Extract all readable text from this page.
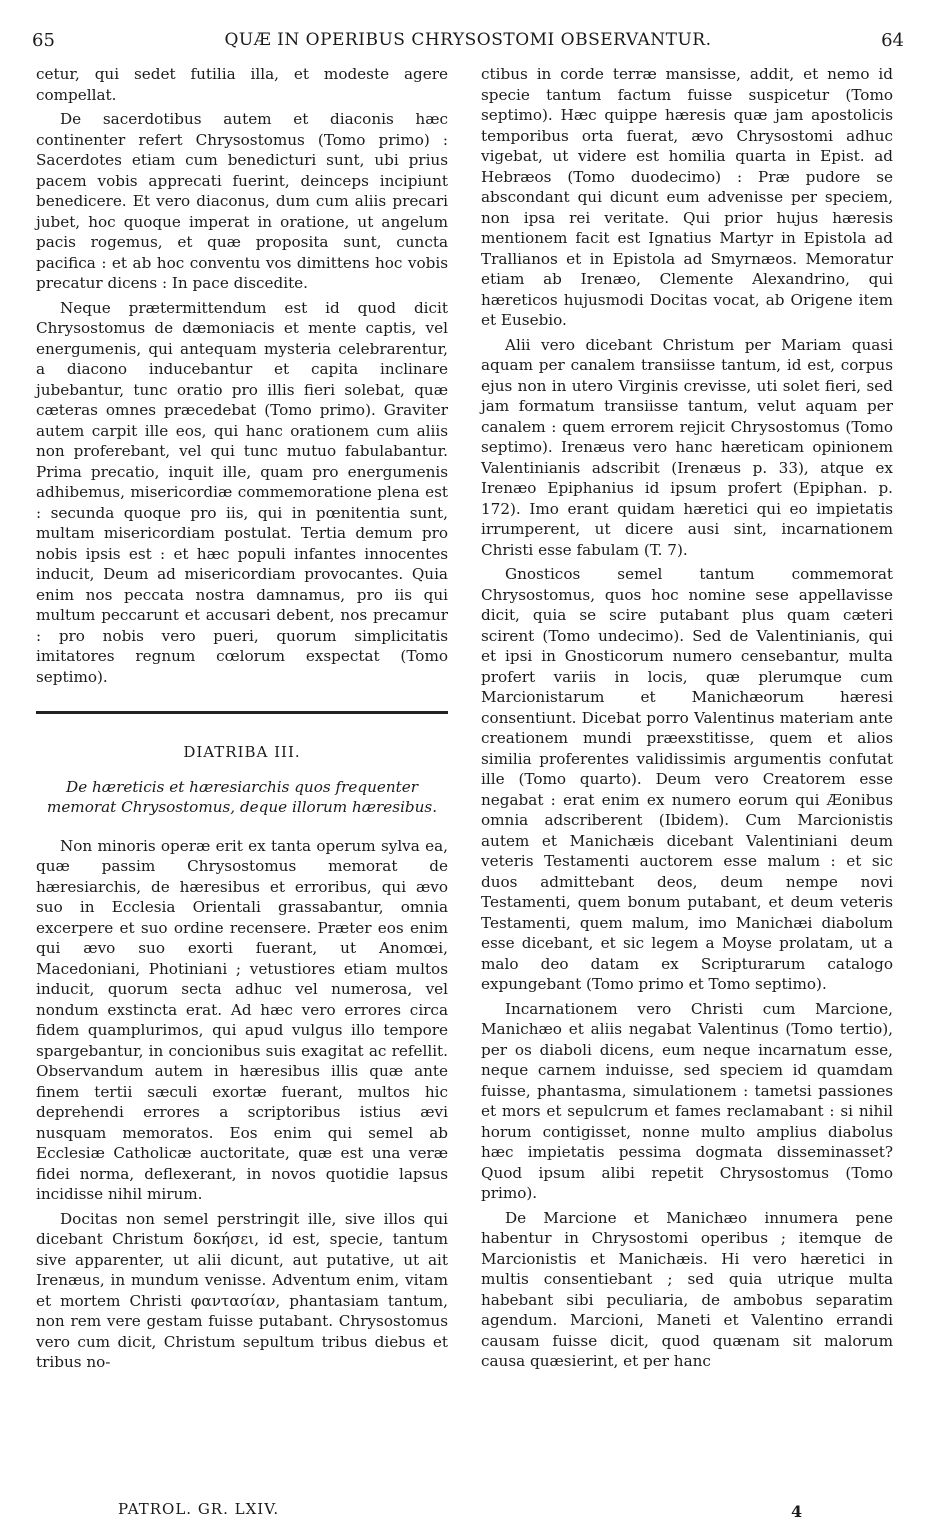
65	QUÆ IN OPERIBUS CHRYSOSTOMI OBSERVANTUR.	64

cetur, qui sedet futilia illa, et modeste agere compellat.

De sacerdotibus autem et diaconis hæc continenter refert Chrysostomus (Tomo primo) : Sacerdotes etiam cum benedicturi sunt, ubi prius pacem vobis apprecati fuerint, deinceps incipiunt benedicere. Et vero diaconus, dum cum aliis precari jubet, hoc quoque imperat in oratione, ut angelum pacis rogemus, et quæ proposita sunt, cuncta pacifica : et ab hoc conventu vos dimittens hoc vobis precatur dicens : In pace discedite.

Neque prætermittendum est id quod dicit Chrysostomus de dæmoniacis et mente captis, vel energumenis, qui antequam mysteria celebrarentur, a diacono inducebantur et capita inclinare jubebantur, tunc oratio pro illis fieri solebat, quæ cæteras omnes præcedebat (Tomo primo). Graviter autem carpit ille eos, qui hanc orationem cum aliis non proferebant, vel qui tunc mutuo fabulabantur. Prima precatio, inquit ille, quam pro energumenis adhibemus, misericordiæ commemoratione plena est : secunda quoque pro iis, qui in pœnitentia sunt, multam misericordiam postulat. Tertia demum pro nobis ipsis est : et hæc populi infantes innocentes inducit, Deum ad misericordiam provocantes. Quia enim nos peccata nostra damnamus, pro iis qui multum peccarunt et accusari debent, nos precamur : pro nobis vero pueri, quorum simplicitatis imitatores regnum cœlorum exspectat (Tomo septimo).

DIATRIBA III.
De hæreticis et hæresiarchis quos frequenter memorat Chrysostomus, deque illorum hæresibus.

Non minoris operæ erit ex tanta operum sylva ea, quæ passim Chrysostomus memorat de hæresiarchis, de hæresibus et erroribus, qui ævo suo in Ecclesia Orientali grassabantur, omnia excerpere et suo ordine recensere. Præter eos enim qui ævo suo exorti fuerant, ut Anomœi, Macedoniani, Photiniani ; vetustiores etiam multos inducit, quorum secta adhuc vel numerosa, vel nondum exstincta erat. Ad hæc vero errores circa fidem quamplurimos, qui apud vulgus illo tempore spargebantur, in concionibus suis exagitat ac refellit. Observandum autem in hæresibus illis quæ ante finem tertii sæculi exortæ fuerant, multos hic deprehendi errores a scriptoribus istius ævi nusquam memoratos. Eos enim qui semel ab Ecclesiæ Catholicæ auctoritate, quæ est una veræ fidei norma, deflexerant, in novos quotidie lapsus incidisse nihil mirum.

Docitas non semel perstringit ille, sive illos qui dicebant Christum δοκήσει, id est, specie, tantum sive apparenter, ut alii dicunt, aut putative, ut ait Irenæus, in mundum venisse. Adventum enim, vitam et mortem Christi φαντασίαν, phantasiam tantum, non rem vere gestam fuisse putabant. Chrysostomus vero cum dicit, Christum sepultum tribus diebus et tribus no-

ctibus in corde terræ mansisse, addit, et nemo id specie tantum factum fuisse suspicetur (Tomo septimo). Hæc quippe hæresis quæ jam apostolicis temporibus orta fuerat, ævo Chrysostomi adhuc vigebat, ut videre est homilia quarta in Epist. ad Hebræos (Tomo duodecimo) : Præ pudore se abscondant qui dicunt eum advenisse per speciem, non ipsa rei veritate. Qui prior hujus hæresis mentionem facit est Ignatius Martyr in Epistola ad Trallianos et in Epistola ad Smyrnæos. Memoratur etiam ab Irenæo, Clemente Alexandrino, qui hæreticos hujusmodi Docitas vocat, ab Origene item et Eusebio.

Alii vero dicebant Christum per Mariam quasi aquam per canalem transiisse tantum, id est, corpus ejus non in utero Virginis crevisse, uti solet fieri, sed jam formatum transiisse tantum, velut aquam per canalem : quem errorem rejicit Chrysostomus (Tomo septimo). Irenæus vero hanc hæreticam opinionem Valentinianis adscribit (Irenæus p. 33), atque ex Irenæo Epiphanius id ipsum profert (Epiphan. p. 172). Imo erant quidam hæretici qui eo impietatis irrumperent, ut dicere ausi sint, incarnationem Christi esse fabulam (T. 7).

Gnosticos semel tantum commemorat Chrysostomus, quos hoc nomine sese appellavisse dicit, quia se scire putabant plus quam cæteri scirent (Tomo undecimo). Sed de Valentinianis, qui et ipsi in Gnosticorum numero censebantur, multa profert variis in locis, quæ plerumque cum Marcionistarum et Manichæorum hæresi consentiunt. Dicebat porro Valentinus materiam ante creationem mundi præexstitisse, quem et alios similia proferentes validissimis argumentis confutat ille (Tomo quarto). Deum vero Creatorem esse negabat : erat enim ex numero eorum qui Æonibus omnia adscriberent (Ibidem). Cum Marcionistis autem et Manichæis dicebant Valentiniani deum veteris Testamenti auctorem esse malum : et sic duos admittebant deos, deum nempe novi Testamenti, quem bonum putabant, et deum veteris Testamenti, quem malum, imo Manichæi diabolum esse dicebant, et sic legem a Moyse prolatam, ut a malo deo datam ex Scripturarum catalogo expungebant (Tomo primo et Tomo septimo).

Incarnationem vero Christi cum Marcione, Manichæo et aliis negabat Valentinus (Tomo tertio), per os diaboli dicens, eum neque incarnatum esse, neque carnem induisse, sed speciem id quamdam fuisse, phantasma, simulationem : tametsi passiones et mors et sepulcrum et fames reclamabant : si nihil horum contigisset, nonne multo amplius diabolus hæc impietatis pessima dogmata disseminasset? Quod ipsum alibi repetit Chrysostomus (Tomo primo).

De Marcione et Manichæo innumera pene habentur in Chrysostomi operibus ; itemque de Marcionistis et Manichæis. Hi vero hæretici in multis consentiebant ; sed quia utrique multa habebant sibi peculiaria, de ambobus separatim agendum. Marcioni, Maneti et Valentino errandi causam fuisse dicit, quod quænam sit malorum causa quæsierint, et per hanc

PATROL. GR. LXIV.	4
